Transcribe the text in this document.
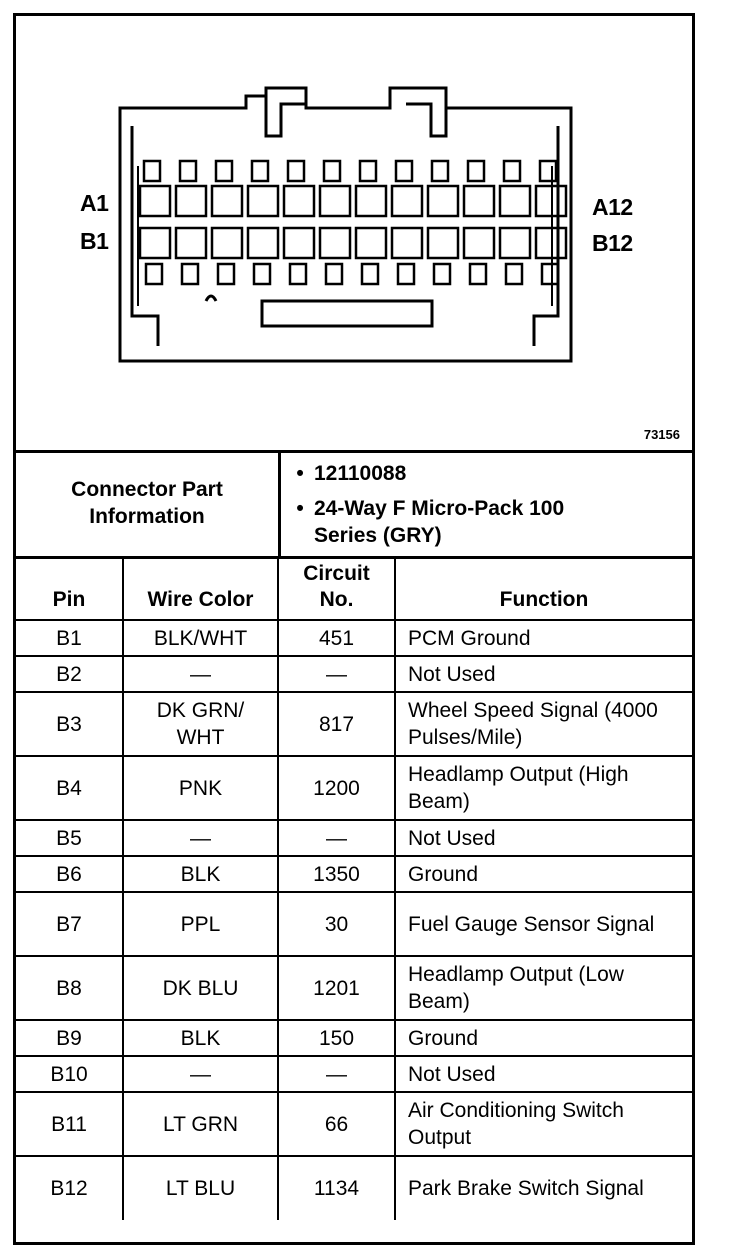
A1
B1
A12
B12
73156
Connector Part Information
• 12110088
• 24-Way F Micro-Pack 100 Series (GRY)
Pin	Wire Color	Circuit No.	Function
B1	BLK/WHT	451	PCM Ground
B2	—	—	Not Used
B3	DK GRN/ WHT	817	Wheel Speed Signal (4000 Pulses/Mile)
B4	PNK	1200	Headlamp Output (High Beam)
B5	—	—	Not Used
B6	BLK	1350	Ground
B7	PPL	30	Fuel Gauge Sensor Signal
B8	DK BLU	1201	Headlamp Output (Low Beam)
B9	BLK	150	Ground
B10	—	—	Not Used
B11	LT GRN	66	Air Conditioning Switch Output
B12	LT BLU	1134	Park Brake Switch Signal
